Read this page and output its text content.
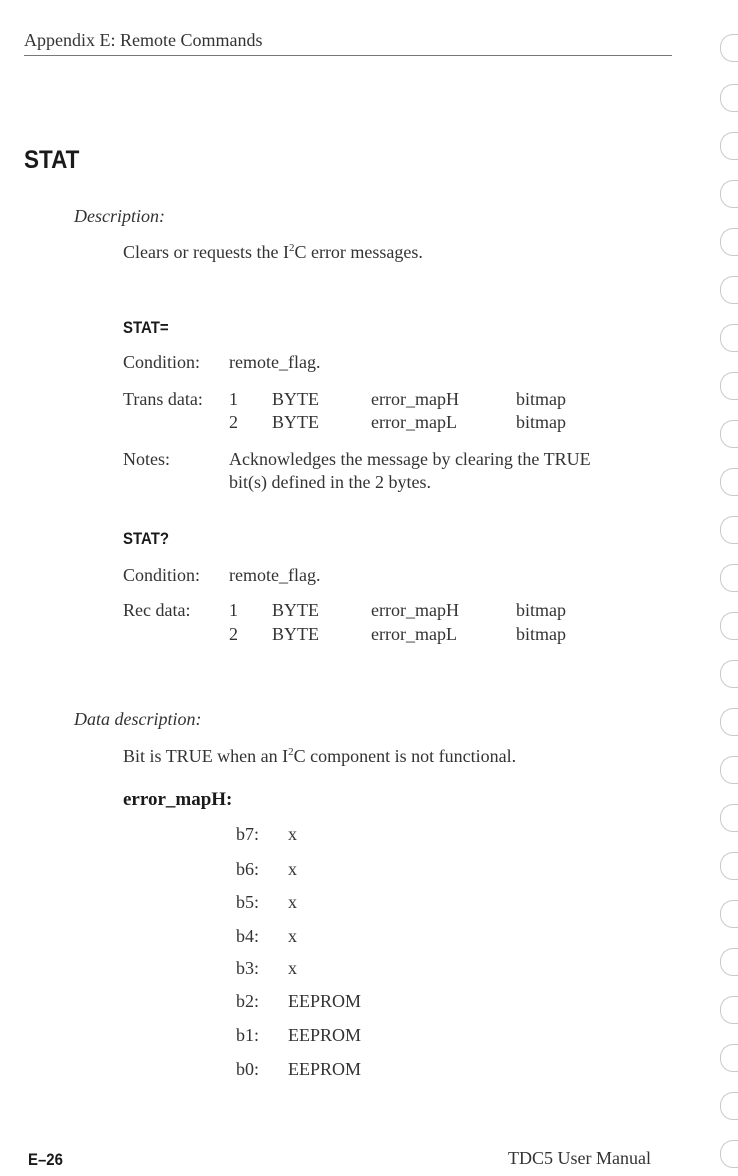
Appendix E: Remote Commands
STAT
Description:
Clears or requests the $I^2C$ error messages.
STAT=
Condition: remote_flag.
Trans data: 1 BYTE	error_mapH	bitmap
2 BYTE	error_mapL	bitmap
Notes:	Acknowledges the message by clearing the TRUE
bit(s) defined in the 2 bytes.
STAT?
Condition: remote_flag.
Rec data: 1 BYTE	error_mapH	bitmap
2 BYTE	error_mapL	bitmap
Data description:
Bit is TRUE when an $I^2C$ component is not functional.
error_mapH:
b7: x
b6: x
b5: x
b4: x
b3: x
b2: EEPROM
b1: EEPROM
b0: EEPROM
E–26	TDC5 User Manual
